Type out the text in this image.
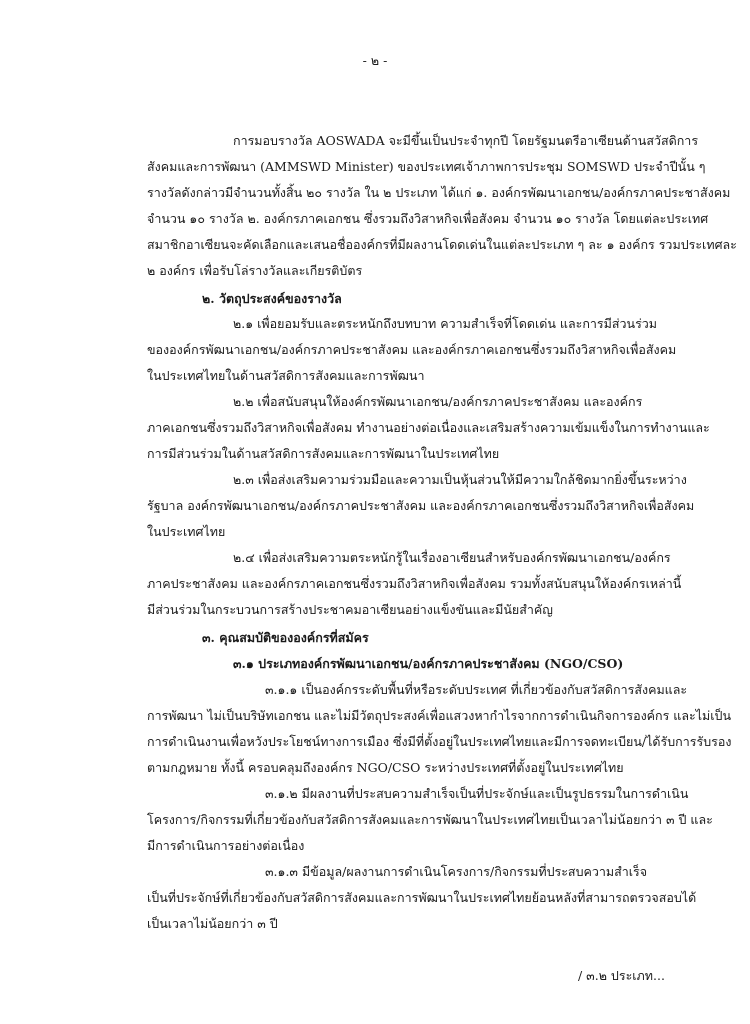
- ๒ -
การมอบรางวัล AOSWADA จะมีขึ้นเป็นประจำทุกปี โดยรัฐมนตรีอาเซียนด้านสวัสดิการ
สังคมและการพัฒนา (AMMSWD Minister) ของประเทศเจ้าภาพการประชุม SOMSWD ประจำปีนั้น ๆ
รางวัลดังกล่าวมีจำนวนทั้งสิ้น ๒๐ รางวัล ใน ๒ ประเภท ได้แก่ ๑. องค์กรพัฒนาเอกชน/องค์กรภาคประชาสังคม
จำนวน ๑๐ รางวัล ๒. องค์กรภาคเอกชน ซึ่งรวมถึงวิสาหกิจเพื่อสังคม จำนวน ๑๐ รางวัล โดยแต่ละประเทศ
สมาชิกอาเซียนจะคัดเลือกและเสนอชื่อองค์กรที่มีผลงานโดดเด่นในแต่ละประเภท ๆ ละ ๑ องค์กร รวมประเทศละ
๒ องค์กร เพื่อรับโล่รางวัลและเกียรติบัตร
๒. วัตถุประสงค์ของรางวัล
๒.๑ เพื่อยอมรับและตระหนักถึงบทบาท ความสำเร็จที่โดดเด่น และการมีส่วนร่วม
ขององค์กรพัฒนาเอกชน/องค์กรภาคประชาสังคม และองค์กรภาคเอกชนซึ่งรวมถึงวิสาหกิจเพื่อสังคม
ในประเทศไทยในด้านสวัสดิการสังคมและการพัฒนา
๒.๒ เพื่อสนับสนุนให้องค์กรพัฒนาเอกชน/องค์กรภาคประชาสังคม และองค์กร
ภาคเอกชนซึ่งรวมถึงวิสาหกิจเพื่อสังคม ทำงานอย่างต่อเนื่องและเสริมสร้างความเข้มแข็งในการทำงานและ
การมีส่วนร่วมในด้านสวัสดิการสังคมและการพัฒนาในประเทศไทย
๒.๓ เพื่อส่งเสริมความร่วมมือและความเป็นหุ้นส่วนให้มีความใกล้ชิดมากยิ่งขึ้นระหว่าง
รัฐบาล องค์กรพัฒนาเอกชน/องค์กรภาคประชาสังคม และองค์กรภาคเอกชนซึ่งรวมถึงวิสาหกิจเพื่อสังคม
ในประเทศไทย
๒.๔ เพื่อส่งเสริมความตระหนักรู้ในเรื่องอาเซียนสำหรับองค์กรพัฒนาเอกชน/องค์กร
ภาคประชาสังคม และองค์กรภาคเอกชนซึ่งรวมถึงวิสาหกิจเพื่อสังคม รวมทั้งสนับสนุนให้องค์กรเหล่านี้
มีส่วนร่วมในกระบวนการสร้างประชาคมอาเซียนอย่างแข็งขันและมีนัยสำคัญ
๓. คุณสมบัติขององค์กรที่สมัคร
๓.๑ ประเภทองค์กรพัฒนาเอกชน/องค์กรภาคประชาสังคม (NGO/CSO)
๓.๑.๑ เป็นองค์กรระดับพื้นที่หรือระดับประเทศ ที่เกี่ยวข้องกับสวัสดิการสังคมและ
การพัฒนา ไม่เป็นบริษัทเอกชน และไม่มีวัตถุประสงค์เพื่อแสวงหากำไรจากการดำเนินกิจการองค์กร และไม่เป็น
การดำเนินงานเพื่อหวังประโยชน์ทางการเมือง ซึ่งมีที่ตั้งอยู่ในประเทศไทยและมีการจดทะเบียน/ได้รับการรับรอง
ตามกฎหมาย ทั้งนี้ ครอบคลุมถึงองค์กร NGO/CSO ระหว่างประเทศที่ตั้งอยู่ในประเทศไทย
๓.๑.๒ มีผลงานที่ประสบความสำเร็จเป็นที่ประจักษ์และเป็นรูปธรรมในการดำเนิน
โครงการ/กิจกรรมที่เกี่ยวข้องกับสวัสดิการสังคมและการพัฒนาในประเทศไทยเป็นเวลาไม่น้อยกว่า ๓ ปี และ
มีการดำเนินการอย่างต่อเนื่อง
๓.๑.๓ มีข้อมูล/ผลงานการดำเนินโครงการ/กิจกรรมที่ประสบความสำเร็จ
เป็นที่ประจักษ์ที่เกี่ยวข้องกับสวัสดิการสังคมและการพัฒนาในประเทศไทยย้อนหลังที่สามารถตรวจสอบได้
เป็นเวลาไม่น้อยกว่า ๓ ปี
/ ๓.๒ ประเภท...
